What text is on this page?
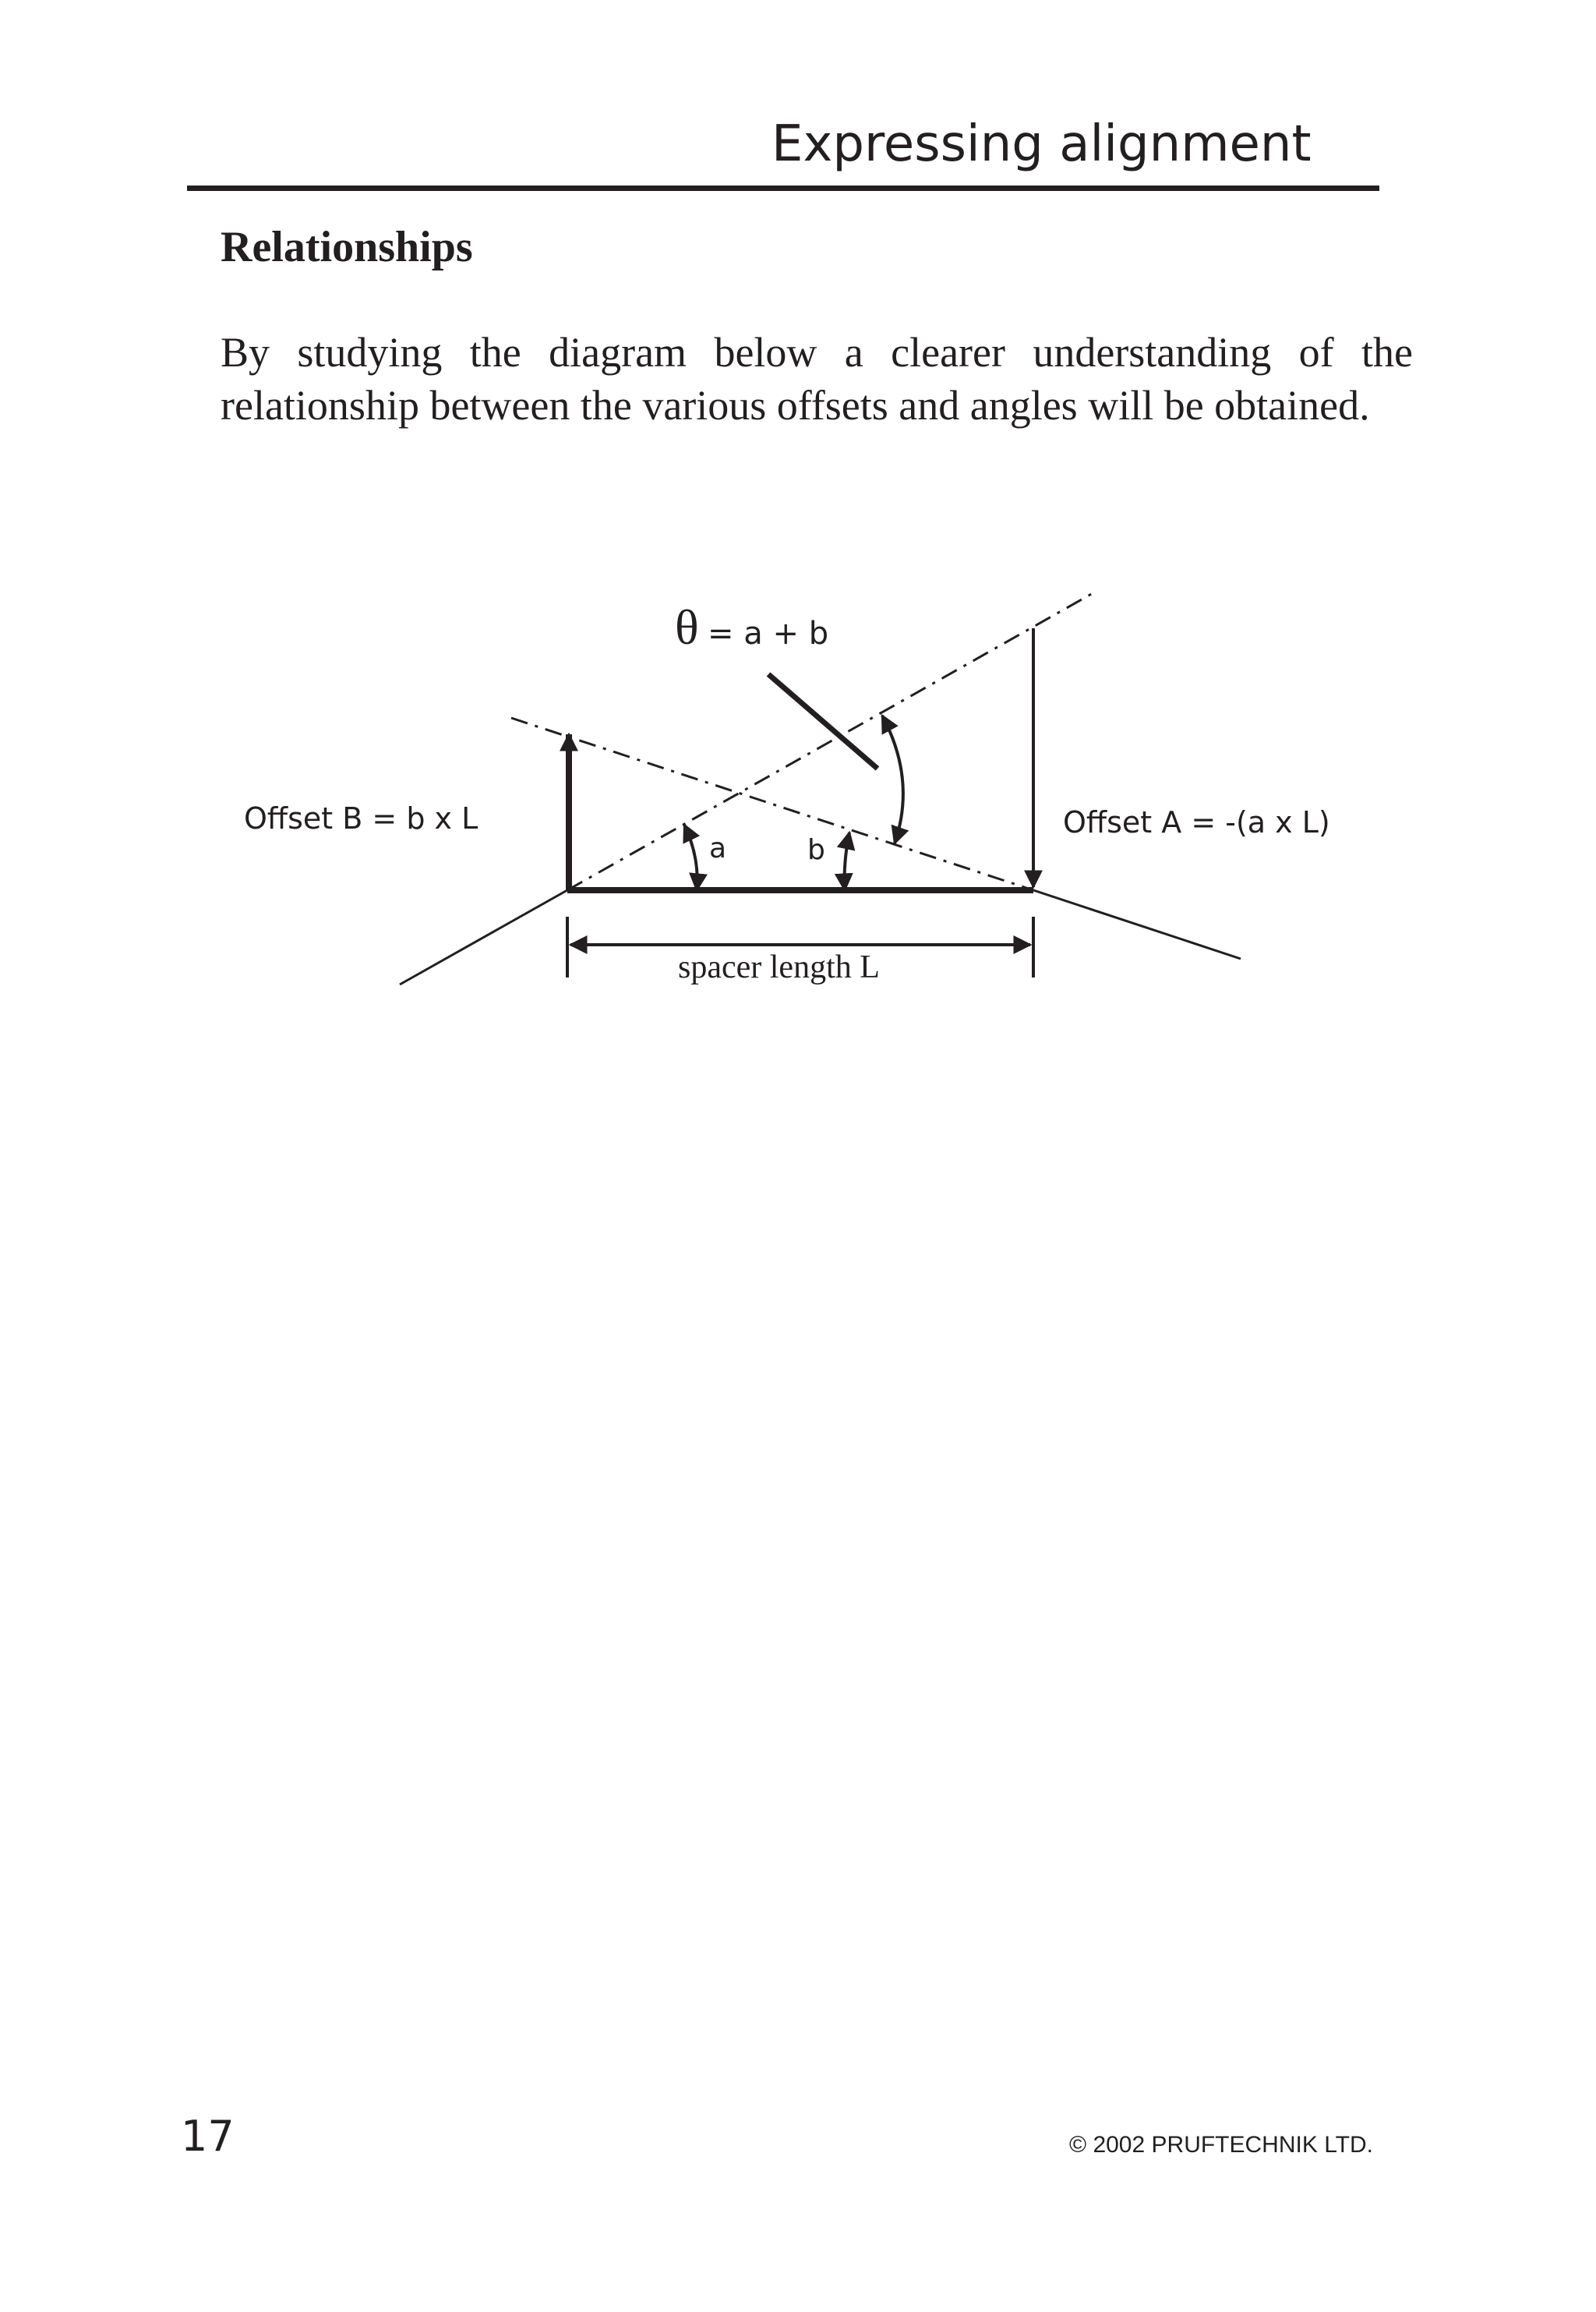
Expressing alignment
Relationships
By studying the diagram below a clearer understanding of the relationship between the various offsets and angles will be obtained.
θ = a + b
Offset B = b x L	Offset A = -(a x L)
a	b
spacer length L
17	© 2002 PRUFTECHNIK LTD.
